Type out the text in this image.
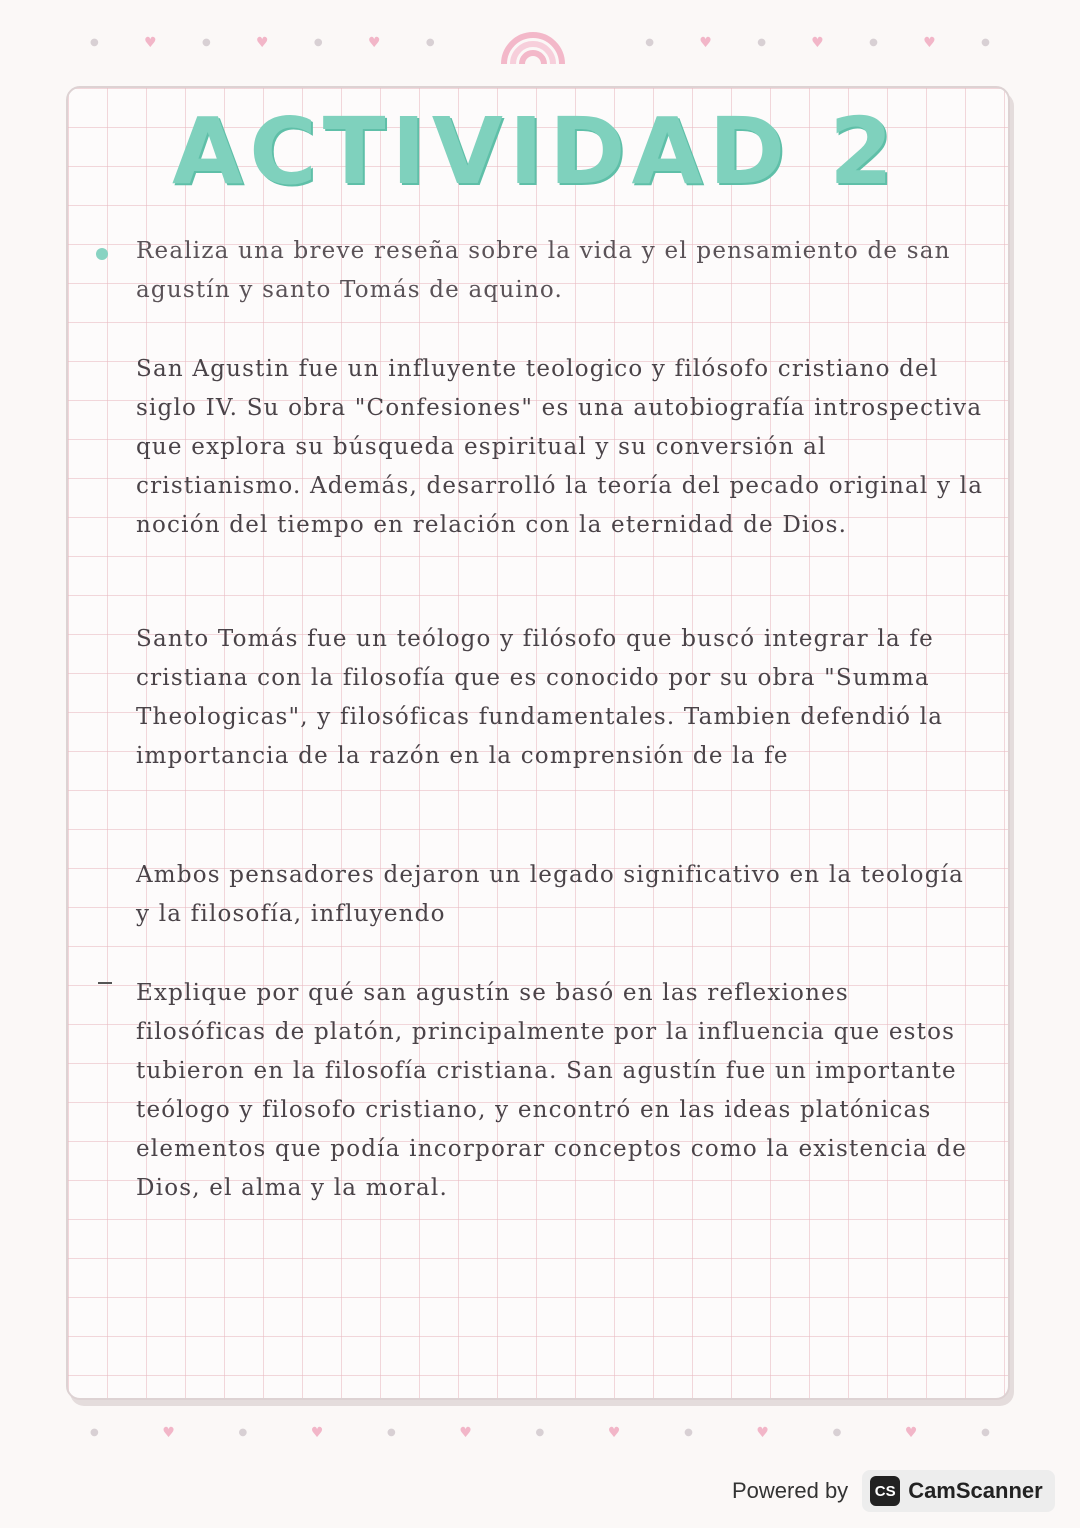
●	♥	●	♥	●	♥	●	●	♥	●	♥	●	♥	●
ACTIVIDAD 2
Realiza una breve reseña sobre la vida y el pensamiento de san agustín y santo Tomás de aquino.
San Agustin fue un influyente teologico y filósofo cristiano del siglo IV. Su obra "Confesiones" es una autobiografía introspectiva que explora su búsqueda espiritual y su conversión al cristianismo. Además, desarrolló la teoría del pecado original y la noción del tiempo en relación con la eternidad de Dios.
Santo Tomás fue un teólogo y filósofo que buscó integrar la fe cristiana con la filosofía que es conocido por su obra "Summa Theologicas", y filosóficas fundamentales. Tambien defendió la importancia de la razón en la comprensión de la fe
Ambos pensadores dejaron un legado significativo en la teología y la filosofía, influyendo
Explique por qué san agustín se basó en las reflexiones filosóficas de platón, principalmente por la influencia que estos tubieron en la filosofía cristiana. San agustín fue un importante teólogo y filosofo cristiano, y encontró en las ideas platónicas elementos que podía incorporar conceptos como la existencia de Dios, el alma y la moral.
●	♥	●	♥	●	♥	●	♥	●	♥	●	♥	●
Powered by	CS CamScanner
